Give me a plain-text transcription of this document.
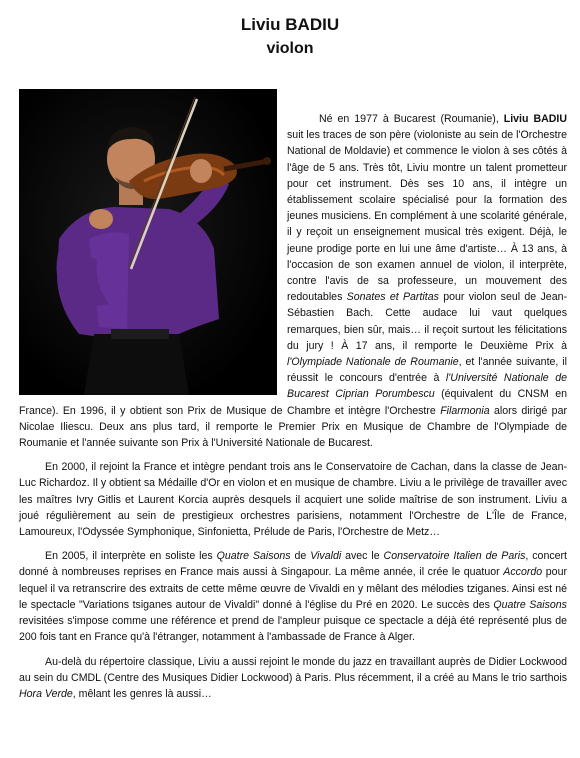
Liviu BADIU
violon

Né en 1977 à Bucarest (Roumanie), Liviu BADIU suit les traces de son père (violoniste au sein de l'Orchestre National de Moldavie) et commence le violon à ses côtés à l'âge de 5 ans. Très tôt, Liviu montre un talent prometteur pour cet instrument. Dès ses 10 ans, il intègre un établissement scolaire spécialisé pour la formation des jeunes musiciens. En complément à une scolarité générale, il y reçoit un enseignement musical très exigent. Déjà, le jeune prodige porte en lui une âme d'artiste… À 13 ans, à l'occasion de son examen annuel de violon, il interprète, contre l'avis de sa professeure, un mouvement des redoutables Sonates et Partitas pour violon seul de Jean-Sébastien Bach. Cette audace lui vaut quelques remarques, bien sûr, mais… il reçoit surtout les félicitations du jury ! À 17 ans, il remporte le Deuxième Prix à l'Olympiade Nationale de Roumanie, et l'année suivante, il réussit le concours d'entrée à l'Université Nationale de Bucarest Ciprian Porumbescu (équivalent du CNSM en France). En 1996, il y obtient son Prix de Musique de Chambre et intègre l'Orchestre Filarmonia alors dirigé par Nicolae Iliescu. Deux ans plus tard, il remporte le Premier Prix en Musique de Chambre de l'Olympiade de Roumanie et l'année suivante son Prix à l'Université Nationale de Bucarest.

En 2000, il rejoint la France et intègre pendant trois ans le Conservatoire de Cachan, dans la classe de Jean-Luc Richardoz. Il y obtient sa Médaille d'Or en violon et en musique de chambre. Liviu a le privilège de travailler avec les maîtres Ivry Gitlis et Laurent Korcia auprès desquels il acquiert une solide maîtrise de son instrument. Liviu a joué régulièrement au sein de prestigieux orchestres parisiens, notamment l'Orchestre de L'Île de France, Lamoureux, l'Odyssée Symphonique, Sinfonietta, Prélude de Paris, l'Orchestre de Metz…

En 2005, il interprète en soliste les Quatre Saisons de Vivaldi avec le Conservatoire Italien de Paris, concert donné à nombreuses reprises en France mais aussi à Singapour. La même année, il crée le quatuor Accordo pour lequel il va retranscrire des extraits de cette même œuvre de Vivaldi en y mêlant des mélodies tziganes. Ainsi est né le spectacle "Variations tsiganes autour de Vivaldi" donné à l'église du Pré en 2020. Le succès des Quatre Saisons revisitées s'impose comme une référence et prend de l'ampleur puisque ce spectacle a déjà été représenté plus de 200 fois tant en France qu'à l'étranger, notamment à l'ambassade de France à Alger.

Au-delà du répertoire classique, Liviu a aussi rejoint le monde du jazz en travaillant auprès de Didier Lockwood au sein du CMDL (Centre des Musiques Didier Lockwood) à Paris. Plus récemment, il a créé au Mans le trio sarthois Hora Verde, mêlant les genres là aussi…
